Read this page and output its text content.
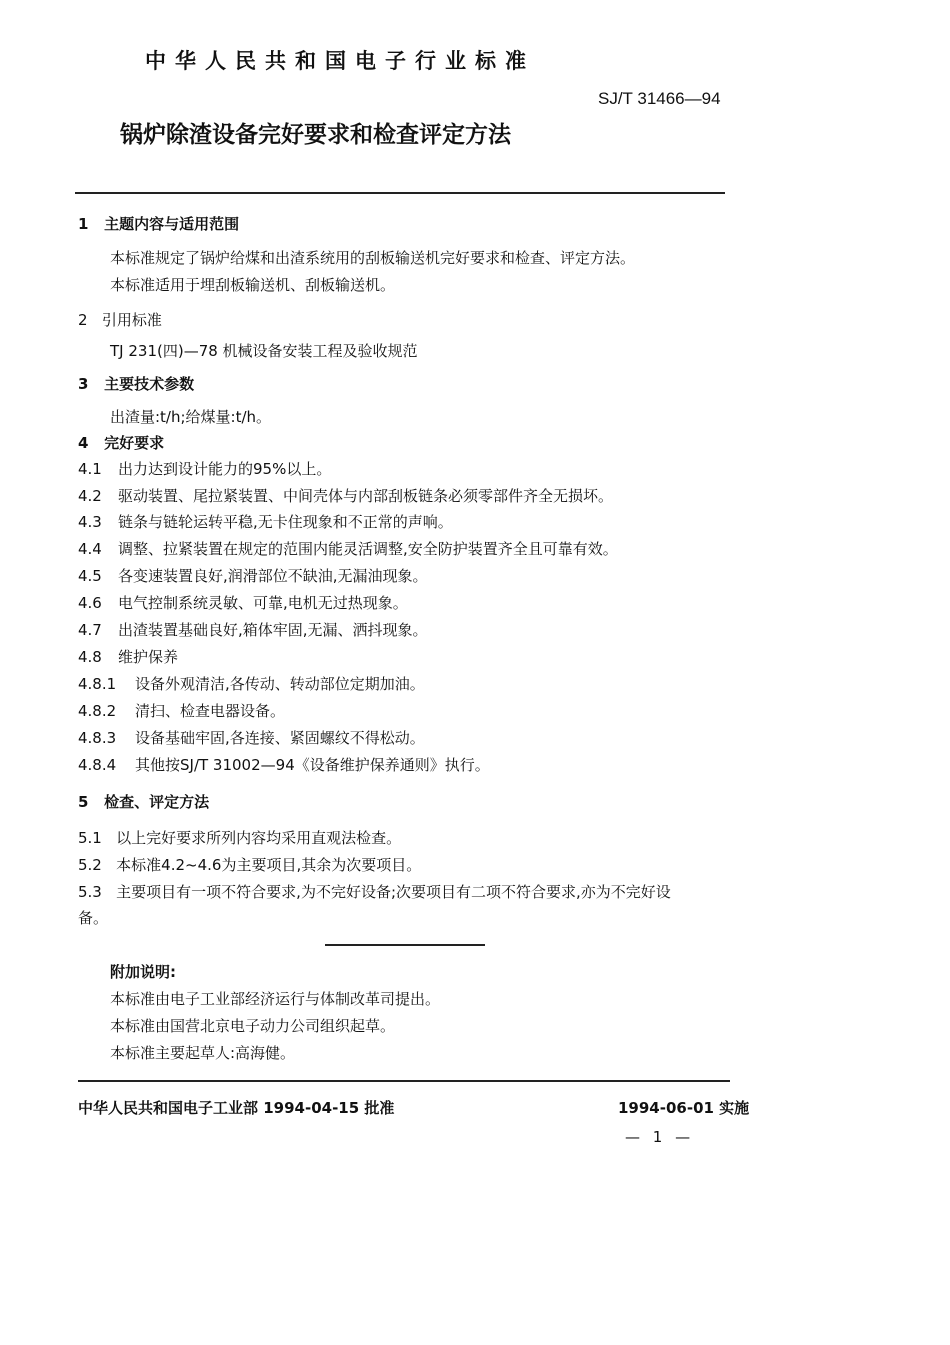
中华人民共和国电子行业标准
SJ/T 31466—94
锅炉除渣设备完好要求和检查评定方法
1 主题内容与适用范围
本标准规定了锅炉给煤和出渣系统用的刮板输送机完好要求和检查、评定方法。
本标准适用于埋刮板输送机、刮板输送机。
2 引用标准
TJ 231(四)—78 机械设备安装工程及验收规范
3 主要技术参数
出渣量:t/h;给煤量:t/h。
4 完好要求
4.1 出力达到设计能力的95%以上。
4.2 驱动装置、尾拉紧装置、中间壳体与内部刮板链条必须零部件齐全无损坏。
4.3 链条与链轮运转平稳,无卡住现象和不正常的声响。
4.4 调整、拉紧装置在规定的范围内能灵活调整,安全防护装置齐全且可靠有效。
4.5 各变速装置良好,润滑部位不缺油,无漏油现象。
4.6 电气控制系统灵敏、可靠,电机无过热现象。
4.7 出渣装置基础良好,箱体牢固,无漏、洒抖现象。
4.8 维护保养
4.8.1 设备外观清洁,各传动、转动部位定期加油。
4.8.2 清扫、检查电器设备。
4.8.3 设备基础牢固,各连接、紧固螺纹不得松动。
4.8.4 其他按SJ/T 31002—94《设备维护保养通则》执行。
5 检查、评定方法
5.1 以上完好要求所列内容均采用直观法检查。
5.2 本标准4.2~4.6为主要项目,其余为次要项目。
5.3 主要项目有一项不符合要求,为不完好设备;次要项目有二项不符合要求,亦为不完好设
备。
附加说明:
本标准由电子工业部经济运行与体制改革司提出。
本标准由国营北京电子动力公司组织起草。
本标准主要起草人:高海健。
中华人民共和国电子工业部 1994-04-15 批准	1994-06-01 实施
— 1 —
